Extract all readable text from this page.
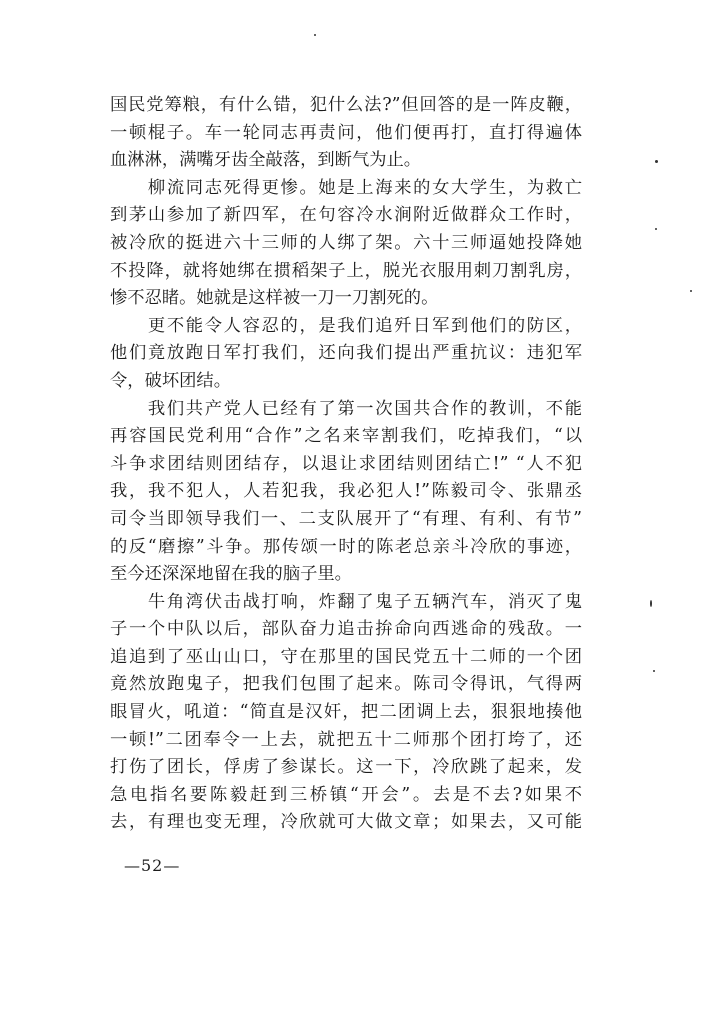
国民党筹粮，有什么错，犯什么法?”但回答的是一阵皮鞭，
一顿棍子。车一轮同志再责问，他们便再打，直打得遍体
血淋淋，满嘴牙齿全敲落，到断气为止。
　　柳流同志死得更惨。她是上海来的女大学生，为救亡
到茅山参加了新四军，在句容冷水涧附近做群众工作时，
被冷欣的挺进六十三师的人绑了架。六十三师逼她投降她
不投降，就将她绑在掼稻架子上，脱光衣服用刺刀割乳房，
惨不忍睹。她就是这样被一刀一刀割死的。
　　更不能令人容忍的，是我们追歼日军到他们的防区，
他们竟放跑日军打我们，还向我们提出严重抗议：违犯军
令，破坏团结。
　　我们共产党人已经有了第一次国共合作的教训，不能
再容国民党利用“合作”之名来宰割我们，吃掉我们，“以
斗争求团结则团结存，以退让求团结则团结亡!” “人不犯
我，我不犯人，人若犯我，我必犯人!”陈毅司令、张鼎丞
司令当即领导我们一、二支队展开了“有理、有利、有节”
的反“磨擦”斗争。那传颂一时的陈老总亲斗冷欣的事迹，
至今还深深地留在我的脑子里。
　　牛角湾伏击战打响，炸翻了鬼子五辆汽车，消灭了鬼
子一个中队以后，部队奋力追击拚命向西逃命的残敌。一
追追到了巫山山口，守在那里的国民党五十二师的一个团
竟然放跑鬼子，把我们包围了起来。陈司令得讯，气得两
眼冒火，吼道：“简直是汉奸，把二团调上去，狠狠地揍他
一顿!”二团奉令一上去，就把五十二师那个团打垮了，还
打伤了团长，俘虏了参谋长。这一下，冷欣跳了起来，发
急电指名要陈毅赶到三桥镇“开会”。去是不去?如果不
去，有理也变无理，冷欣就可大做文章；如果去，又可能
—52—
